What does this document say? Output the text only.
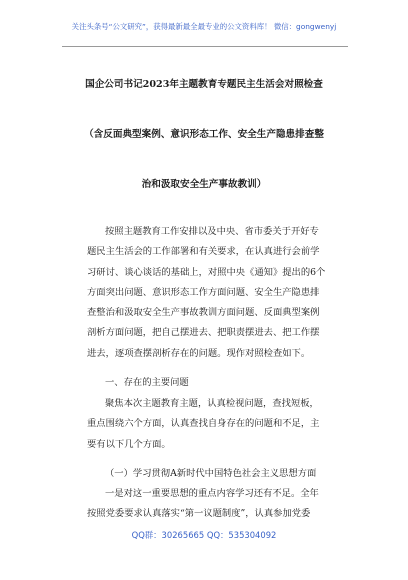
关注头条号“公文研究”，获得最新最全最专业的公文资料库！ 微信：gongwenyj
国企公司书记2023年主题教育专题民主生活会对照检查
（含反面典型案例、意识形态工作、安全生产隐患排查整
治和汲取安全生产事故教训）
按照主题教育工作安排以及中央、省市委关于开好专
题民主生活会的工作部署和有关要求，在认真进行会前学
习研讨、谈心谈话的基础上，对照中央《通知》提出的6个
方面突出问题、意识形态工作方面问题、安全生产隐患排
查整治和汲取安全生产事故教训方面问题、反面典型案例
剖析方面问题，把自己摆进去、把职责摆进去、把工作摆
进去，逐项查摆剖析存在的问题。现作对照检查如下。
一、存在的主要问题
聚焦本次主题教育主题，认真检视问题，查找短板，
重点围绕六个方面，认真查找自身存在的问题和不足，主
要有以下几个方面。
（一）学习贯彻A新时代中国特色社会主义思想方面
一是对这一重要思想的重点内容学习还有不足。全年
按照党委要求认真落实“第一议题制度”，认真参加党委
QQ群：30265665 QQ：535304092
